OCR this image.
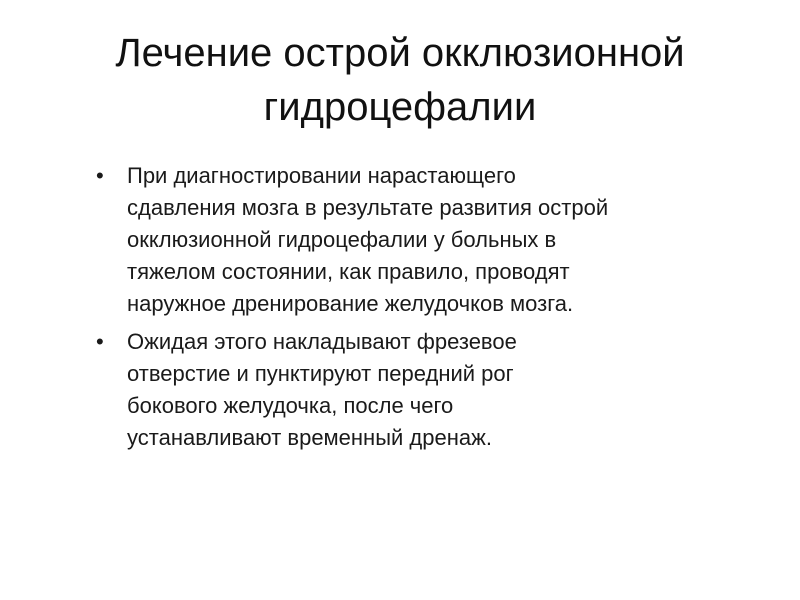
Лечение острой окклюзионной
гидроцефалии
• При диагностировании нарастающего
сдавления мозга в результате развития острой
окклюзионной гидроцефалии у больных в
тяжелом состоянии, как правило, проводят
наружное дренирование желудочков мозга.
• Ожидая этого накладывают фрезевое
отверстие и пунктируют передний рог
бокового желудочка, после чего
устанавливают временный дренаж.
